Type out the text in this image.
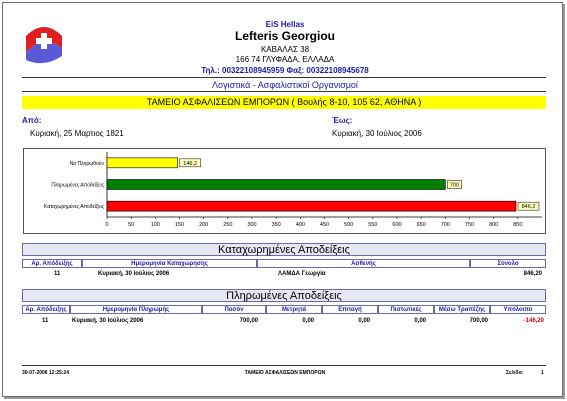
EiS Hellas
Lefteris Georgiou
ΚΑΒΑΛΑΣ 38
166 74 ΓΛΥΦΑΔΑ, ΕΛΛΑΔΑ
Τηλ.: 00322108945959 Φαξ: 00322108945678
Λογιστικά - Ασφαλιστικοί Οργανισμοί
ΤΑΜΕΙΟ ΑΣΦΑΛΙΣΕΩΝ ΕΜΠΟΡΩΝ ( Βουλής 8-10, 105 62, ΑΘΗΝΑ )
Από:	Έως:
Κυριακή, 25 Μαρτιος 1821	Κυριακή, 30 Ιούλιος 2006
0	50	100	150	200	250	300	350	400	450	500	550	600	650	700	750	800	850
Να Πληρωθούν	146,2
Πληρωμένες Αποδείξεις	700
Καταχωρημένες Αποδείξεις	846,2
Καταχωρημένες Αποδείξεις
Αρ. Απόδειξης	Ημερομηνία Καταχώρησης	Ασθενής	Σύνολο
11	Κυριακή, 30 Ιούλιος 2006	ΛΑΜΔΑ Γεωργία	846,20
Πληρωμένες Αποδείξεις
Αρ. Απόδειξης	Ημερομηνία Πληρωμής	Ποσόν	Μετρητά	Επιταγή	Πιστωτικές	Μέσω Τραπέζης	Υπόλοιπο
11	Κυριακή, 30 Ιούλιος 2006	700,00	0,00	0,00	0,00	700,00	-146,20
30-07-2006 12:25:24	ΤΑΜΕΙΟ ΑΣΦΑΛΙΣΕΩΝ ΕΜΠΟΡΩΝ	Σελίδα:	1
